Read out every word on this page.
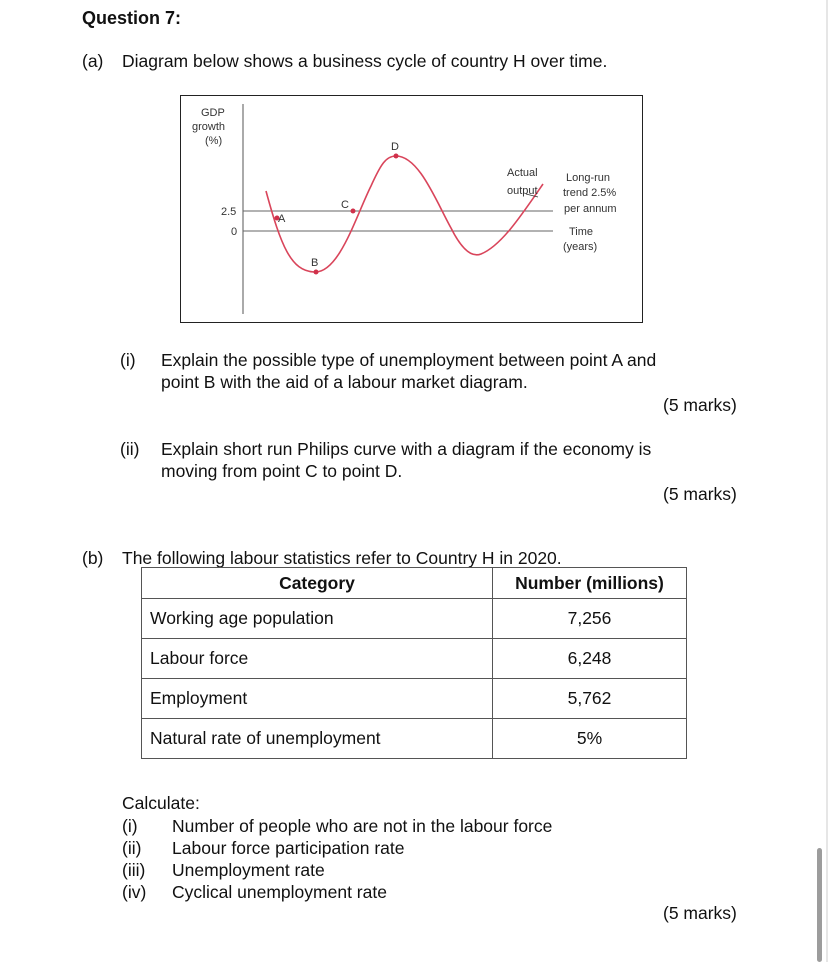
Question 7:
(a) Diagram below shows a business cycle of country H over time.
GDP
growth
(%)
2.5
0
A
B
C
D
Actual
output
Long-run
trend 2.5%
per annum
Time
(years)
(i) Explain the possible type of unemployment between point A and
point B with the aid of a labour market diagram.
(5 marks)
(ii) Explain short run Philips curve with a diagram if the economy is
moving from point C to point D.
(5 marks)
(b) The following labour statistics refer to Country H in 2020.
Category	Number (millions)
Working age population	7,256
Labour force	6,248
Employment	5,762
Natural rate of unemployment	5%
Calculate:
(i) Number of people who are not in the labour force
(ii) Labour force participation rate
(iii) Unemployment rate
(iv) Cyclical unemployment rate
(5 marks)
